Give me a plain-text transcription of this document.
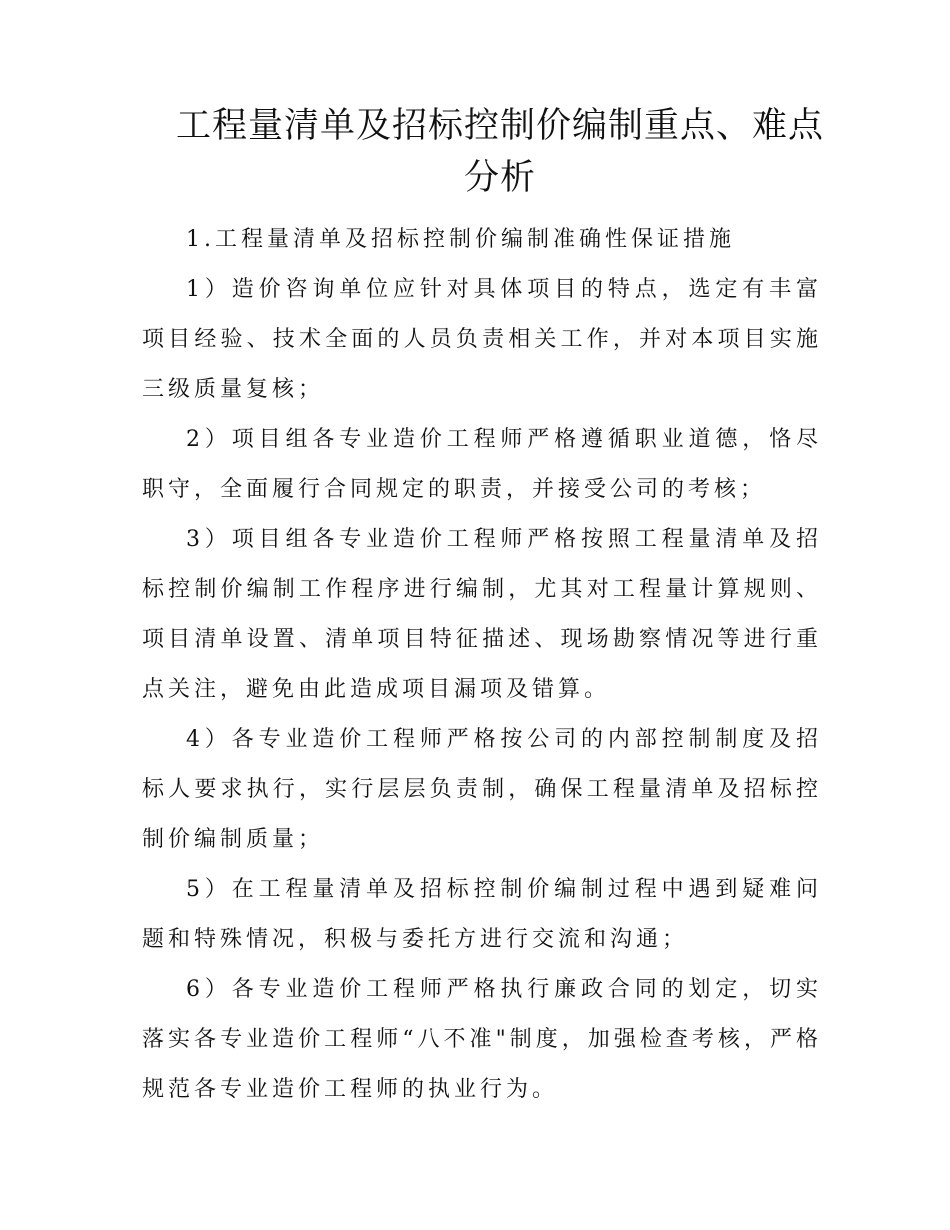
工程量清单及招标控制价编制重点、难点
分析

1.工程量清单及招标控制价编制准确性保证措施

1）造价咨询单位应针对具体项目的特点，选定有丰富项目经验、技术全面的人员负责相关工作，并对本项目实施三级质量复核；

2）项目组各专业造价工程师严格遵循职业道德，恪尽职守，全面履行合同规定的职责，并接受公司的考核；

3）项目组各专业造价工程师严格按照工程量清单及招标控制价编制工作程序进行编制，尤其对工程量计算规则、项目清单设置、清单项目特征描述、现场勘察情况等进行重点关注，避免由此造成项目漏项及错算。

4）各专业造价工程师严格按公司的内部控制制度及招标人要求执行，实行层层负责制，确保工程量清单及招标控制价编制质量；

5）在工程量清单及招标控制价编制过程中遇到疑难问题和特殊情况，积极与委托方进行交流和沟通；

6）各专业造价工程师严格执行廉政合同的划定，切实落实各专业造价工程师“八不准"制度，加强检查考核，严格规范各专业造价工程师的执业行为。
